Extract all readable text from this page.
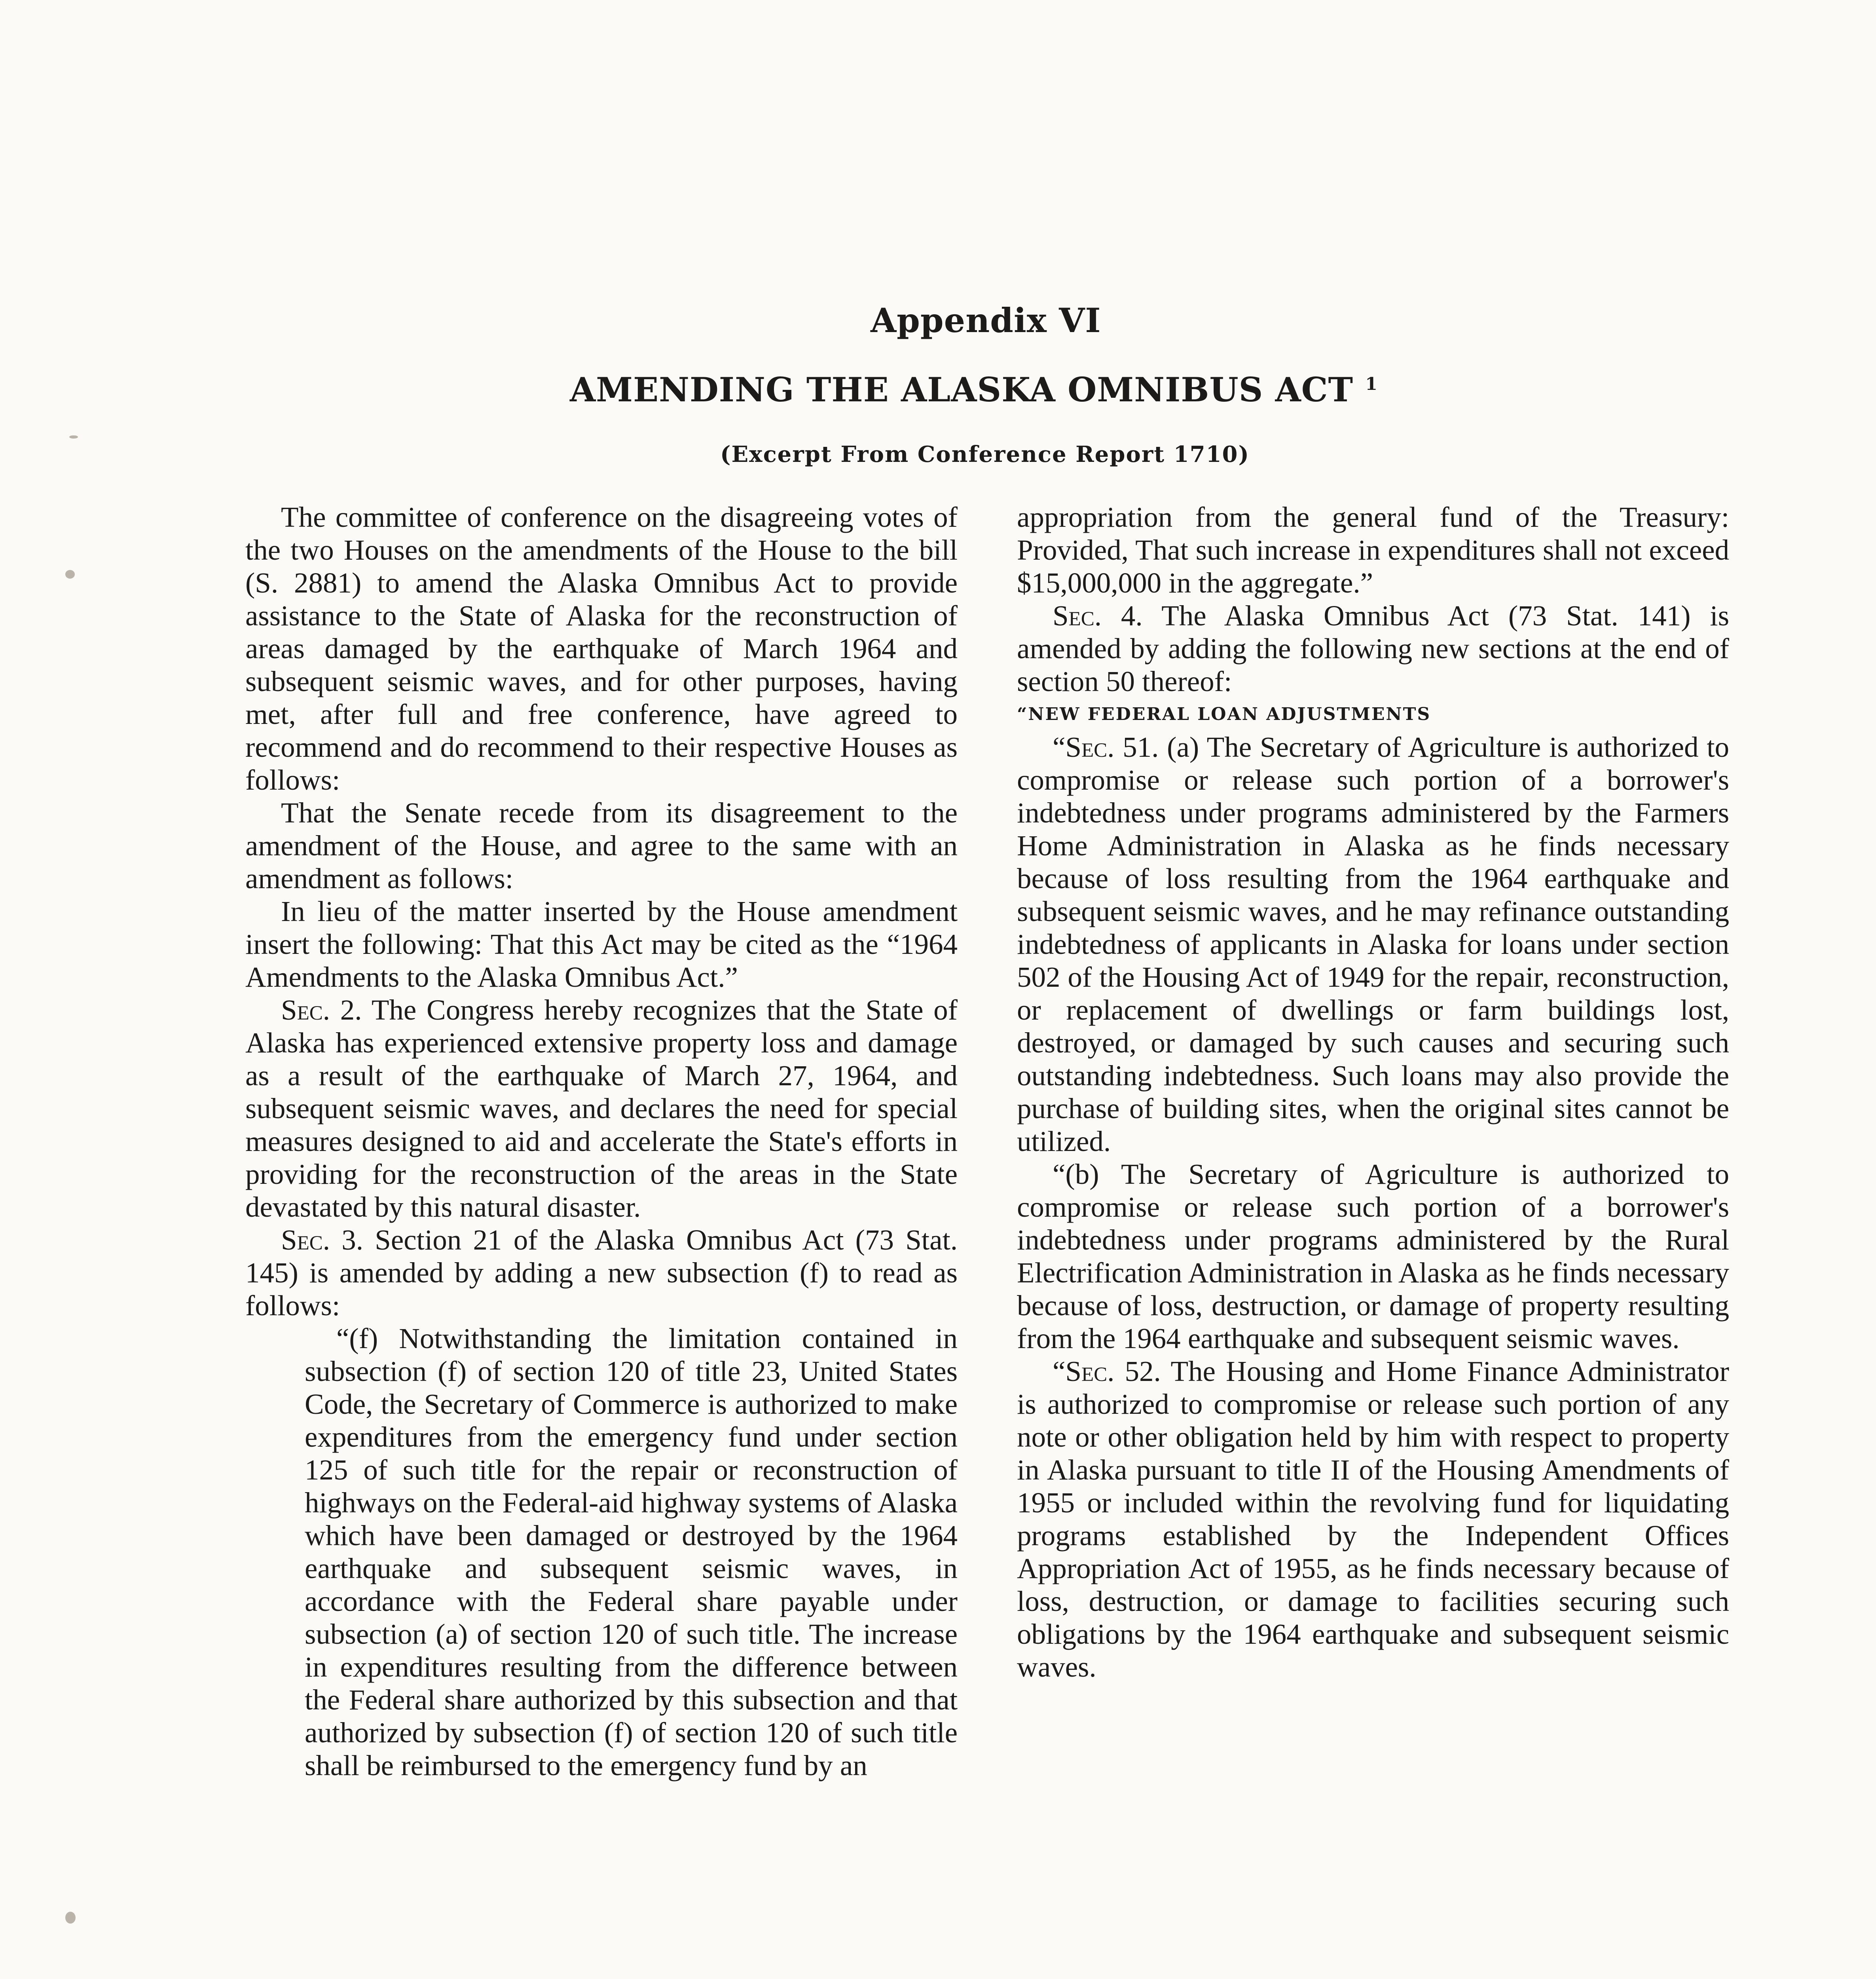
Appendix VI
AMENDING THE ALASKA OMNIBUS ACT $^1$
(Excerpt From Conference Report 1710)

The committee of conference on the disagreeing votes of the two Houses on the amendments of the House to the bill (S. 2881) to amend the Alaska Omnibus Act to provide assistance to the State of Alaska for the reconstruction of areas damaged by the earthquake of March 1964 and subsequent seismic waves, and for other purposes, having met, after full and free conference, have agreed to recommend and do recommend to their respective Houses as follows:

That the Senate recede from its disagreement to the amendment of the House, and agree to the same with an amendment as follows:

In lieu of the matter inserted by the House amendment insert the following: That this Act may be cited as the “1964 Amendments to the Alaska Omnibus Act.”

Sec. 2. The Congress hereby recognizes that the State of Alaska has experienced extensive property loss and damage as a result of the earthquake of March 27, 1964, and subsequent seismic waves, and declares the need for special measures designed to aid and accelerate the State's efforts in providing for the reconstruction of the areas in the State devastated by this natural disaster.

Sec. 3. Section 21 of the Alaska Omnibus Act (73 Stat. 145) is amended by adding a new subsection (f) to read as follows:

“(f) Notwithstanding the limitation contained in subsection (f) of section 120 of title 23, United States Code, the Secretary of Commerce is authorized to make expenditures from the emergency fund under section 125 of such title for the repair or reconstruction of highways on the Federal-aid highway systems of Alaska which have been damaged or destroyed by the 1964 earthquake and subsequent seismic waves, in accordance with the Federal share payable under subsection (a) of section 120 of such title. The increase in expenditures resulting from the difference between the Federal share authorized by this subsection and that authorized by subsection (f) of section 120 of such title shall be reimbursed to the emergency fund by an

appropriation from the general fund of the Treasury: Provided, That such increase in expenditures shall not exceed $15,000,000 in the aggregate.”

Sec. 4. The Alaska Omnibus Act (73 Stat. 141) is amended by adding the following new sections at the end of section 50 thereof:

“NEW FEDERAL LOAN ADJUSTMENTS

“Sec. 51. (a) The Secretary of Agriculture is authorized to compromise or release such portion of a borrower's indebtedness under programs administered by the Farmers Home Administration in Alaska as he finds necessary because of loss resulting from the 1964 earthquake and subsequent seismic waves, and he may refinance outstanding indebtedness of applicants in Alaska for loans under section 502 of the Housing Act of 1949 for the repair, reconstruction, or replacement of dwellings or farm buildings lost, destroyed, or damaged by such causes and securing such outstanding indebtedness. Such loans may also provide the purchase of building sites, when the original sites cannot be utilized.

“(b) The Secretary of Agriculture is authorized to compromise or release such portion of a borrower's indebtedness under programs administered by the Rural Electrification Administration in Alaska as he finds necessary because of loss, destruction, or damage of property resulting from the 1964 earthquake and subsequent seismic waves.

“Sec. 52. The Housing and Home Finance Administrator is authorized to compromise or release such portion of any note or other obligation held by him with respect to property in Alaska pursuant to title II of the Housing Amendments of 1955 or included within the revolving fund for liquidating programs established by the Independent Offices Appropriation Act of 1955, as he finds necessary because of loss, destruction, or damage to facilities securing such obligations by the 1964 earthquake and subsequent seismic waves.
